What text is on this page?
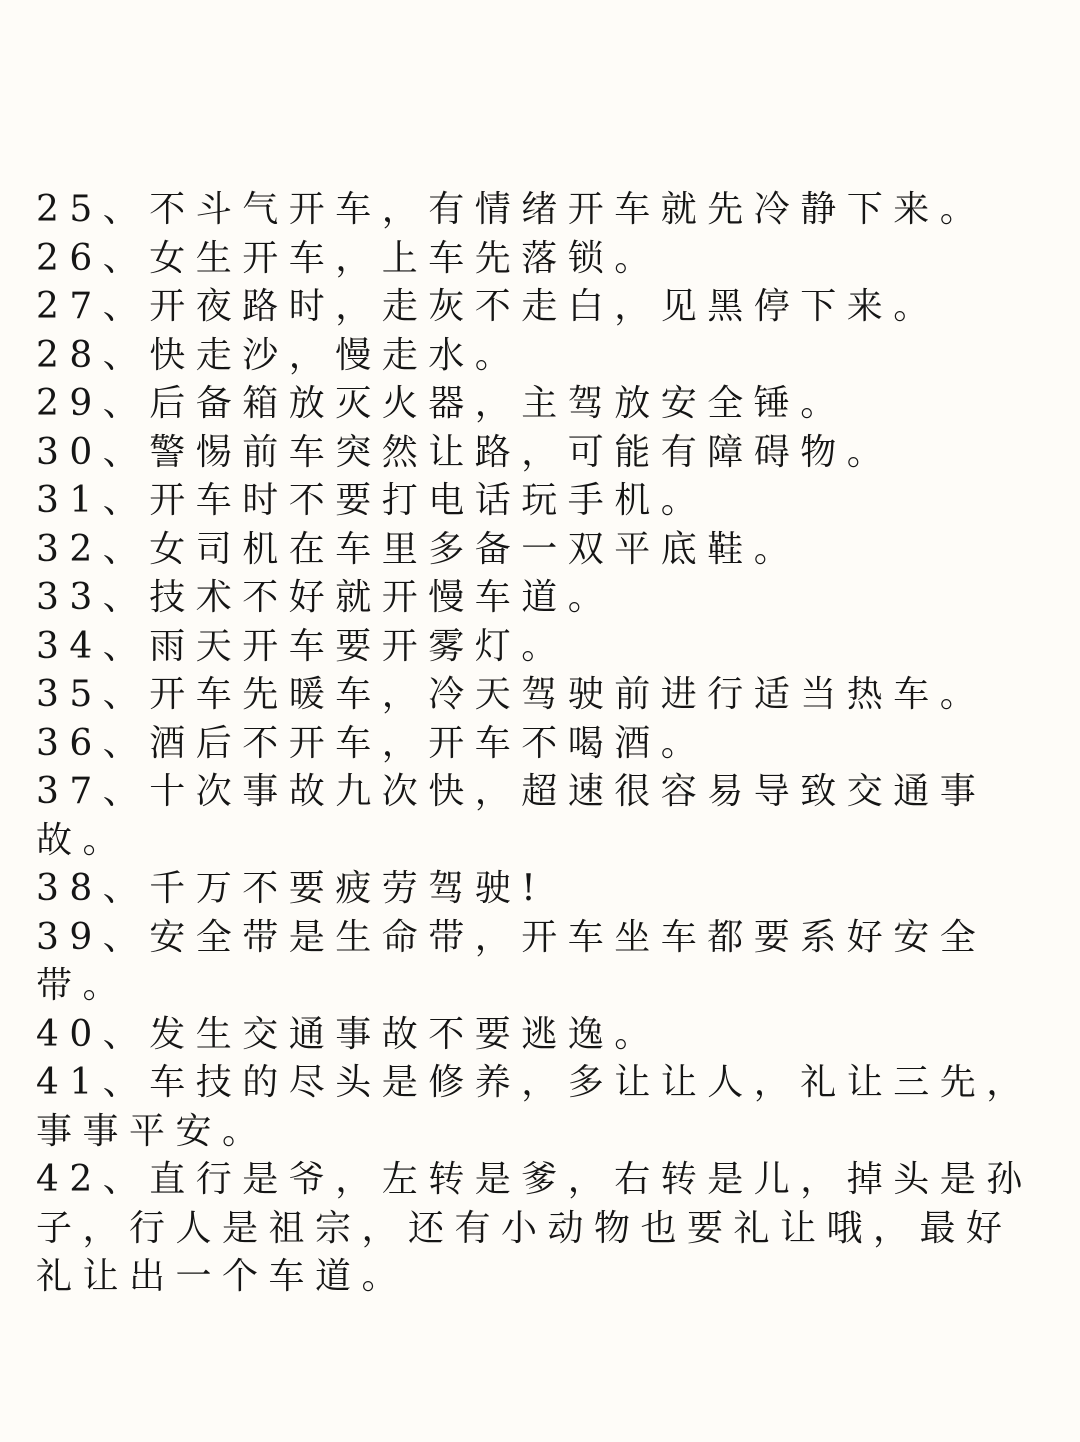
25、不斗气开车，有情绪开车就先冷静下来。
26、女生开车，上车先落锁。
27、开夜路时，走灰不走白，见黑停下来。
28、快走沙，慢走水。
29、后备箱放灭火器，主驾放安全锤。
30、警惕前车突然让路，可能有障碍物。
31、开车时不要打电话玩手机。
32、女司机在车里多备一双平底鞋。
33、技术不好就开慢车道。
34、雨天开车要开雾灯。
35、开车先暖车，冷天驾驶前进行适当热车。
36、酒后不开车，开车不喝酒。
37、十次事故九次快，超速很容易导致交通事故。
38、千万不要疲劳驾驶!
39、安全带是生命带，开车坐车都要系好安全带。
40、发生交通事故不要逃逸。
41、车技的尽头是修养，多让让人，礼让三先，事事平安。
42、直行是爷，左转是爹，右转是儿，掉头是孙子，行人是祖宗，还有小动物也要礼让哦，最好礼让出一个车道。
